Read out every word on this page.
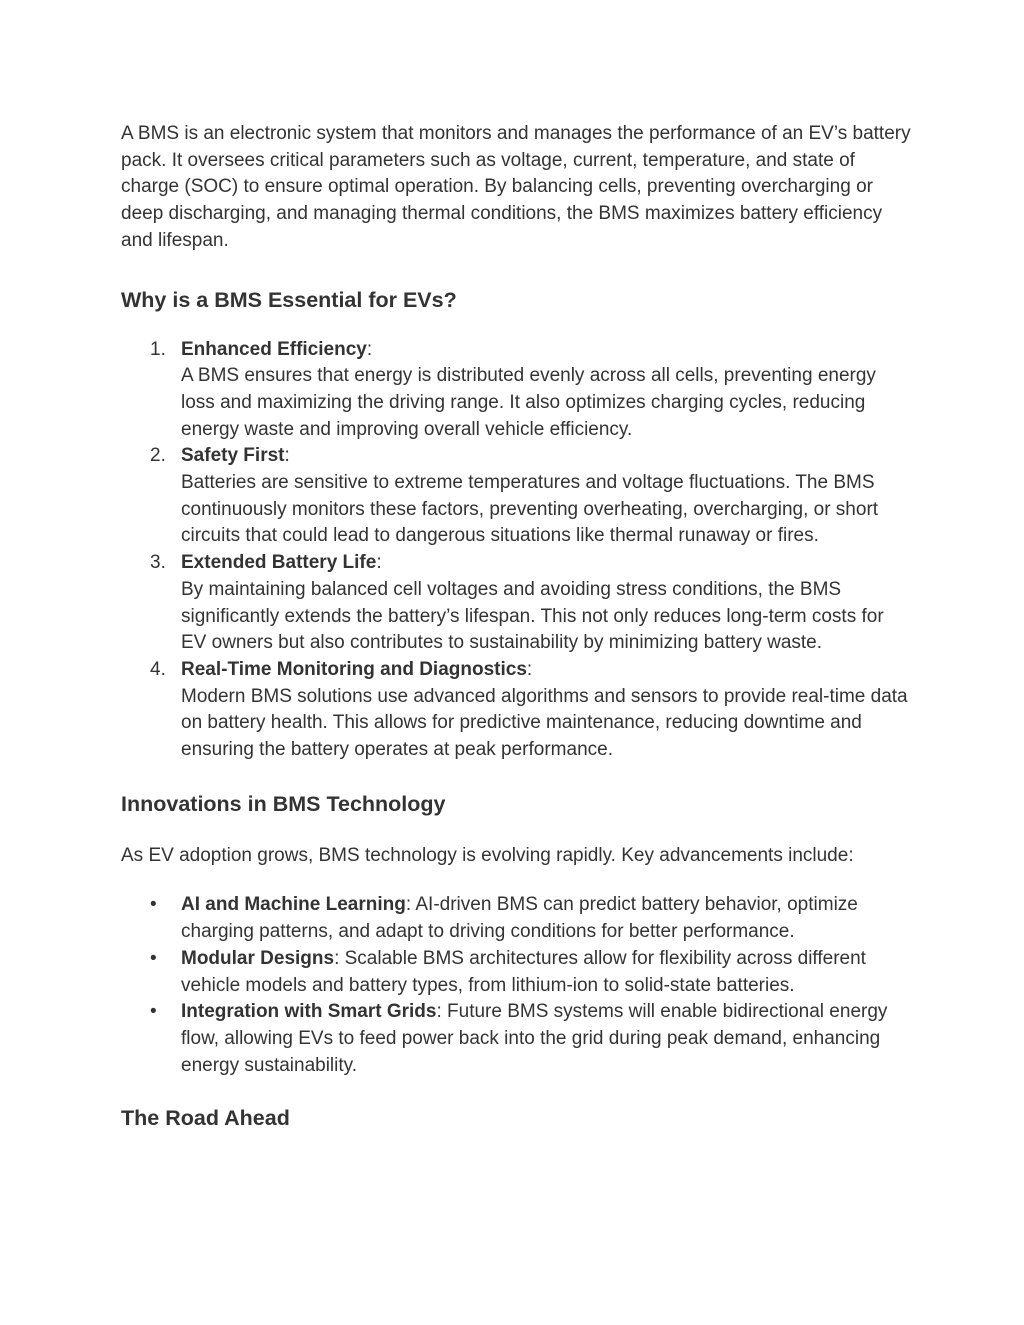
A BMS is an electronic system that monitors and manages the performance of an EV’s battery pack. It oversees critical parameters such as voltage, current, temperature, and state of charge (SOC) to ensure optimal operation. By balancing cells, preventing overcharging or deep discharging, and managing thermal conditions, the BMS maximizes battery efficiency and lifespan.

Why is a BMS Essential for EVs?
1. Enhanced Efficiency:
A BMS ensures that energy is distributed evenly across all cells, preventing energy loss and maximizing the driving range. It also optimizes charging cycles, reducing energy waste and improving overall vehicle efficiency.
2. Safety First:
Batteries are sensitive to extreme temperatures and voltage fluctuations. The BMS continuously monitors these factors, preventing overheating, overcharging, or short circuits that could lead to dangerous situations like thermal runaway or fires.
3. Extended Battery Life:
By maintaining balanced cell voltages and avoiding stress conditions, the BMS significantly extends the battery’s lifespan. This not only reduces long-term costs for EV owners but also contributes to sustainability by minimizing battery waste.
4. Real-Time Monitoring and Diagnostics:
Modern BMS solutions use advanced algorithms and sensors to provide real-time data on battery health. This allows for predictive maintenance, reducing downtime and ensuring the battery operates at peak performance.
Innovations in BMS Technology

As EV adoption grows, BMS technology is evolving rapidly. Key advancements include:

• AI and Machine Learning: AI-driven BMS can predict battery behavior, optimize charging patterns, and adapt to driving conditions for better performance.
• Modular Designs: Scalable BMS architectures allow for flexibility across different vehicle models and battery types, from lithium-ion to solid-state batteries.
• Integration with Smart Grids: Future BMS systems will enable bidirectional energy flow, allowing EVs to feed power back into the grid during peak demand, enhancing energy sustainability.
The Road Ahead
